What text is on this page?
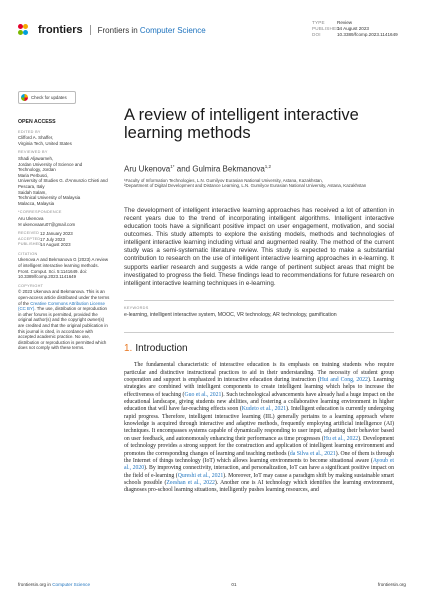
frontiers Frontiers in Computer Science
TYPE	Review
PUBLISHED14 August 2023
DOI	10.3389/fcomp.2023.1141649
Check for updates
OPEN ACCESS
EDITED BY
Clifford A. Shaffer,
Virginia Tech, United States
REVIEWED BY
Shadi Aljawarneh,
Jordan University of Science and
Technology, Jordan
Maria Perbusci,
University of Studies G. d'Annunzio Chieti and
Pescara, Italy
Saidah Salam,
Technical University of Malaysia
Malacca, Malaysia
*CORRESPONDENCE
Aru Ukenova
✉ ukenovaaru07@gmail.com
RECEIVED 12 January 2023
ACCEPTED 17 July 2023
PUBLISHED
14 August 2023
CITATION
Ukenova A and Bekmanova G (2023) A review of intelligent interactive learning methods. Front. Comput. Sci. 5:1141649. doi: 10.3389/fcomp.2023.1141649
COPYRIGHT
© 2023 Ukenova and Bekmanova. This is an open-access article distributed under the terms of the Creative Commons Attribution License (CC BY). The use, distribution or reproduction in other forums is permitted, provided the original author(s) and the copyright owner(s) are credited and that the original publication in this journal is cited, in accordance with accepted academic practice. No use, distribution or reproduction is permitted which does not comply with these terms.
A review of intelligent interactive learning methods
Aru Ukenova$^{1*}$ and Gulmira Bekmanova$^{1,2}$
¹Faculty of Information Technologies, L.N. Gumilyov Eurasian National University, Astana, Kazakhstan,
²Department of Digital Development and Distance Learning, L.N. Gumilyov Eurasian National University, Astana, Kazakhstan
The development of intelligent interactive learning approaches has received a lot of attention in recent years due to the trend of incorporating intelligent algorithms. Intelligent interactive education tools have a significant positive impact on user engagement, motivation, and social outcomes. This study attempts to explore the existing models, methods and technologies of intelligent interactive learning including virtual and augmented reality. The method of the current study was a semi-systematic literature review. This study is expected to make a substantial contribution to research on the use of intelligent interactive learning approaches in e-learning. It supports earlier research and suggests a wide range of pertinent subject areas that might be investigated to progress the field. These findings lead to recommendations for future research on intelligent interactive learning techniques in e-learning.
KEYWORDS
e-learning, intelligent interactive system, MOOC, VR technology, AR technology, gamification
1. Introduction
The fundamental characteristic of interactive education is its emphasis on training students who require particular and distinctive instructional practices to aid in their understanding. The necessity of student group cooperation and support is emphasized in interactive education during instruction (Hui and Cong, 2022). Learning strategies are combined with intelligent components to create intelligent learning which helps to increase the effectiveness of teaching (Guo et al., 2021). Such technological advancements have already had a huge impact on the educational landscape, giving students new abilities, and fostering a collaborative learning environment in higher education that will have far-reaching effects soon (Kudeto et al., 2021). Intelligent education is currently undergoing rapid progress. Therefore, intelligent interactive learning (IIL) generally pertains to a learning approach where knowledge is acquired through interactive and adaptive methods, frequently employing artificial intelligence (AI) techniques. It encompasses systems capable of dynamically responding to user input, adjusting their behavior based on user feedback, and autonomously enhancing their performance as time progresses (Hu et al., 2022). Development of technology provides a strong support for the construction and application of intelligent learning environment and promotes the corresponding changes of learning and teaching methods (da Silva et al., 2021). One of them is through the Internet of things technology (IoT) which allows learning environments to become situational aware (Ayoub et al., 2020). By improving connectivity, interaction, and personalization, IoT can have a significant positive impact on the field of e-learning (Qureshi et al., 2021). Moreover, IoT may cause a paradigm shift by making sustainable smart schools possible (Zeeshan et al., 2022). Another one is AI technology which identifies the learning environment, diagnoses pro-school learning situations, intelligently pushes learning resources, and
frontiersin.org in Computer Science	01	frontiersin.org
